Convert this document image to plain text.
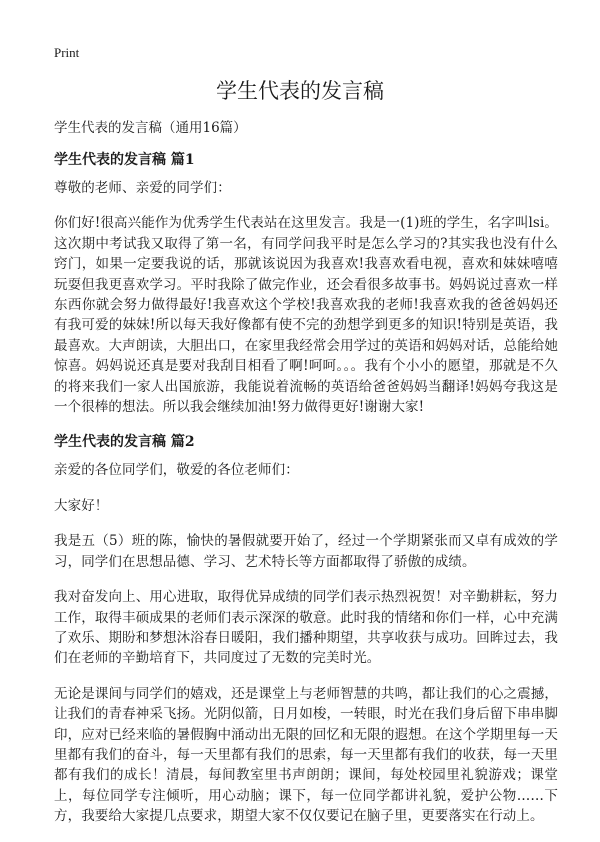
Print
学生代表的发言稿
学生代表的发言稿（通用16篇）
学生代表的发言稿 篇1

尊敬的老师、亲爱的同学们：

你们好!很高兴能作为优秀学生代表站在这里发言。我是一(1)班的学生，名字叫lsi。这次期中考试我又取得了第一名，有同学问我平时是怎么学习的?其实我也没有什么窍门，如果一定要我说的话，那就该说因为我喜欢!我喜欢看电视，喜欢和妹妹嘻嘻玩耍但我更喜欢学习。平时我除了做完作业，还会看很多故事书。妈妈说过喜欢一样东西你就会努力做得最好!我喜欢这个学校!我喜欢我的老师!我喜欢我的爸爸妈妈还有我可爱的妹妹!所以每天我好像都有使不完的劲想学到更多的知识!特别是英语，我最喜欢。大声朗读，大胆出口，在家里我经常会用学过的英语和妈妈对话，总能给她惊喜。妈妈说还真是要对我刮目相看了啊!呵呵。。。我有个小小的愿望，那就是不久的将来我们一家人出国旅游，我能说着流畅的英语给爸爸妈妈当翻译!妈妈夸我这是一个很棒的想法。所以我会继续加油!努力做得更好!谢谢大家!

学生代表的发言稿 篇2

亲爱的各位同学们，敬爱的各位老师们：

大家好！

我是五（5）班的陈，愉快的暑假就要开始了，经过一个学期紧张而又卓有成效的学习，同学们在思想品德、学习、艺术特长等方面都取得了骄傲的成绩。

我对奋发向上、用心进取，取得优异成绩的同学们表示热烈祝贺！对辛勤耕耘，努力工作，取得丰硕成果的老师们表示深深的敬意。此时我的情绪和你们一样，心中充满了欢乐、期盼和梦想沐浴春日暖阳，我们播种期望，共享收获与成功。回眸过去，我们在老师的辛勤培育下，共同度过了无数的完美时光。

无论是课间与同学们的嬉戏，还是课堂上与老师智慧的共鸣，都让我们的心之震撼，让我们的青春神采飞扬。光阴似箭，日月如梭，一转眼，时光在我们身后留下串串脚印，应对已经来临的暑假胸中涌动出无限的回忆和无限的遐想。在这个学期里每一天里都有我们的奋斗，每一天里都有我们的思索，每一天里都有我们的收获，每一天里都有我们的成长！清晨，每间教室里书声朗朗；课间，每处校园里礼貌游戏；课堂上，每位同学专注倾听，用心动脑；课下，每一位同学都讲礼貌，爱护公物……下方，我要给大家提几点要求，期望大家不仅仅要记在脑子里，更要落实在行动上。
